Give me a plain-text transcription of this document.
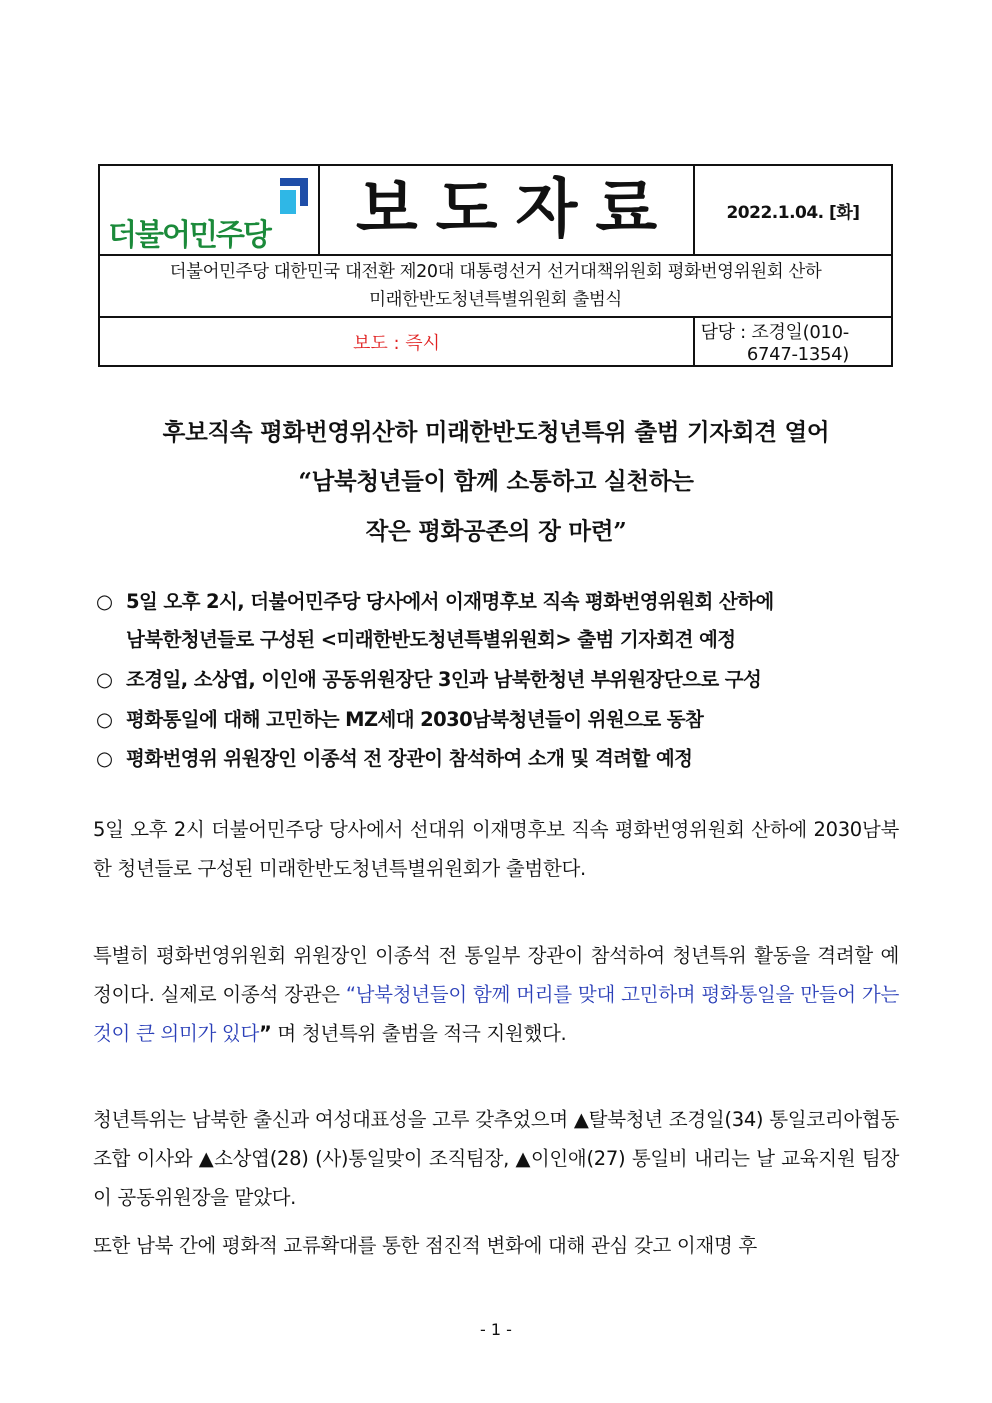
더불어민주당	보도자료	2022.1.04. [화]

더불어민주당 대한민국 대전환 제20대 대통령선거 선거대책위원회 평화번영위원회 산하
미래한반도청년특별위원회 출범식		

보도 : 즉시		담당 : 조경일(010-6747-1354)
후보직속 평화번영위산하 미래한반도청년특위 출범 기자회견 열어
“남북청년들이 함께 소통하고 실천하는
작은 평화공존의 장 마련”
○ 5일 오후 2시, 더불어민주당 당사에서 이재명후보 직속 평화번영위원회 산하에
남북한청년들로 구성된 <미래한반도청년특별위원회> 출범 기자회견 예정
○ 조경일, 소상엽, 이인애 공동위원장단 3인과 남북한청년 부위원장단으로 구성
○ 평화통일에 대해 고민하는 MZ세대 2030남북청년들이 위원으로 동참
○ 평화번영위 위원장인 이종석 전 장관이 참석하여 소개 및 격려할 예정
5일 오후 2시 더불어민주당 당사에서 선대위 이재명후보 직속 평화번영위원회 산하에 2030남북한 청년들로 구성된 미래한반도청년특별위원회가 출범한다.
특별히 평화번영위원회 위원장인 이종석 전 통일부 장관이 참석하여 청년특위 활동을 격려할 예정이다. 실제로 이종석 장관은 “남북청년들이 함께 머리를 맞대 고민하며 평화통일을 만들어 가는 것이 큰 의미가 있다” 며 청년특위 출범을 적극 지원했다.
청년특위는 남북한 출신과 여성대표성을 고루 갖추었으며 ▲탈북청년 조경일(34) 통일코리아협동조합 이사와 ▲소상엽(28) (사)통일맞이 조직팀장, ▲이인애(27) 통일비 내리는 날 교육지원 팀장이 공동위원장을 맡았다.
또한 남북 간에 평화적 교류확대를 통한 점진적 변화에 대해 관심 갖고 이재명 후
- 1 -
